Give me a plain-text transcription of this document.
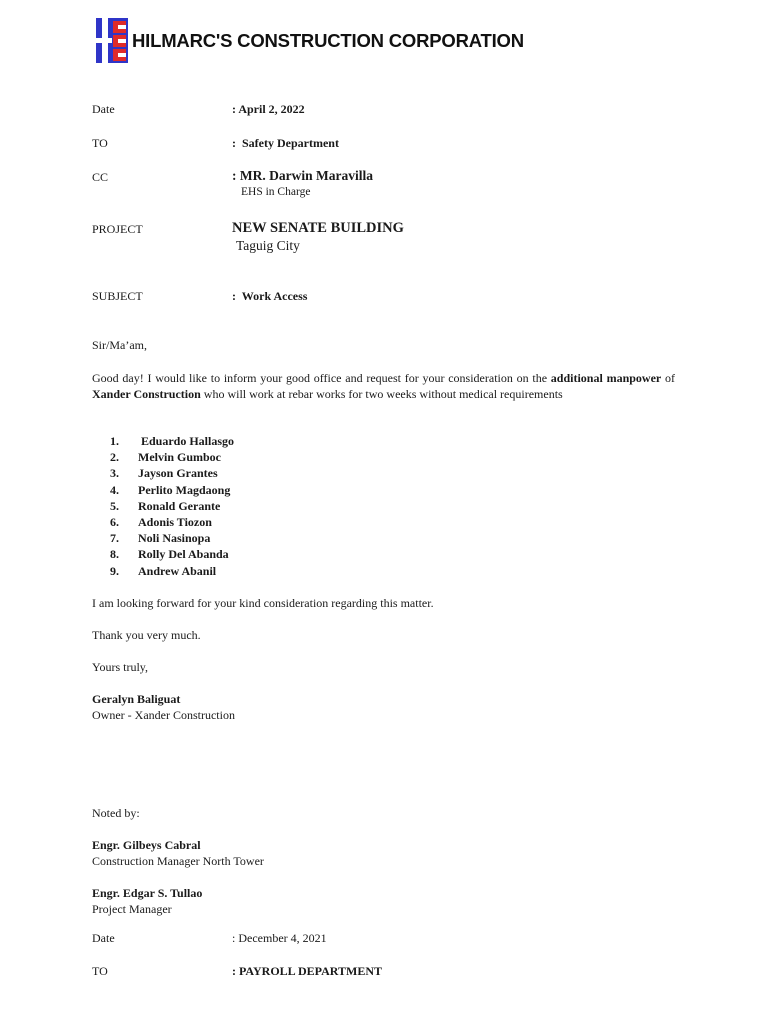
HILMARC'S CONSTRUCTION CORPORATION
Date	: April 2, 2022
TO	:  Safety Department
CC	: MR. Darwin Maravilla
EHS in Charge
PROJECT	NEW SENATE BUILDING
Taguig City
SUBJECT	:  Work Access
Sir/Ma’am,
Good day! I would like to inform your good office and request for your consideration on the additional manpower of Xander Construction who will work at rebar works for two weeks without medical requirements
1. Eduardo Hallasgo
2. Melvin Gumboc
3. Jayson Grantes
4. Perlito Magdaong
5. Ronald Gerante
6. Adonis Tiozon
7. Noli Nasinopa
8. Rolly Del Abanda
9. Andrew Abanil
I am looking forward for your kind consideration regarding this matter.
Thank you very much.
Yours truly,
Geralyn Baliguat
Owner - Xander Construction
Noted by:
Engr. Gilbeys Cabral
Construction Manager North Tower
Engr. Edgar S. Tullao
Project Manager
Date	: December 4, 2021
TO	: PAYROLL DEPARTMENT
